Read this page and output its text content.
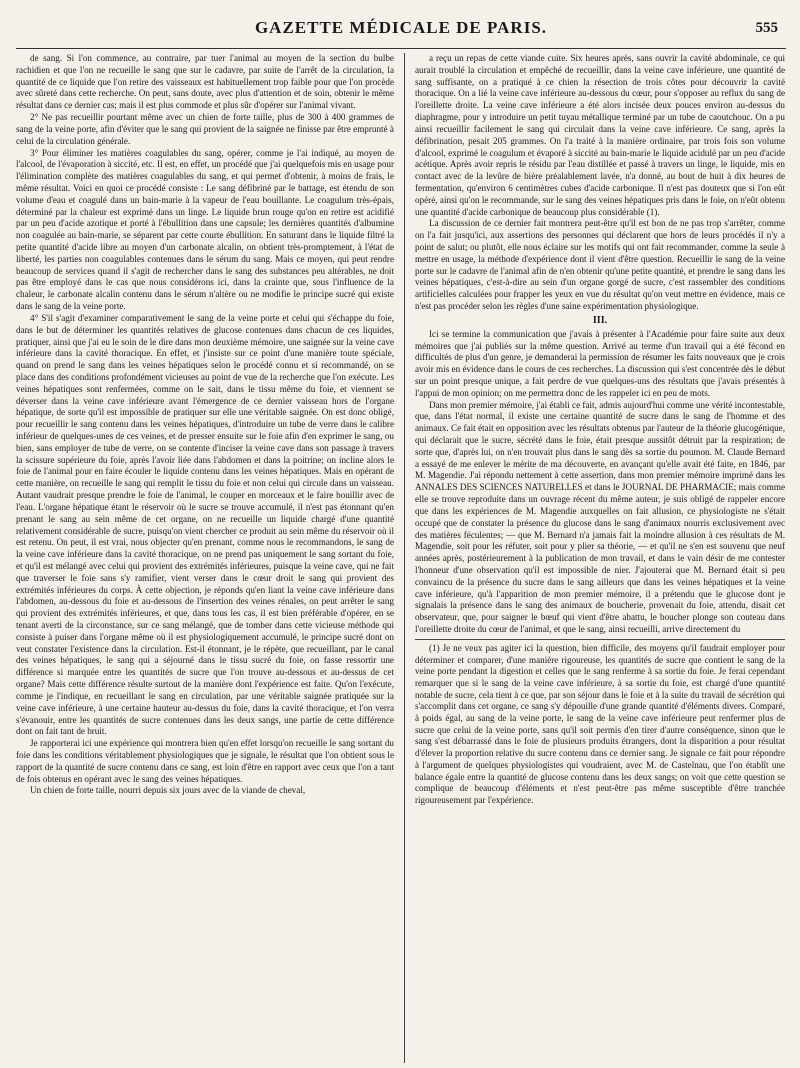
GAZETTE MÉDICALE DE PARIS.	555

de sang. Si l'on commence, au contraire, par tuer l'animal au moyen de la section du bulbe rachidien et que l'on ne recueille le sang que sur le cadavre, par suite de l'arrêt de la circulation, la quantité de ce liquide que l'on retire des vaisseaux est habituellement trop faible pour que l'on procède avec sûreté dans cette recherche. On peut, sans doute, avec plus d'attention et de soin, obtenir le même résultat dans ce dernier cas; mais il est plus commode et plus sûr d'opérer sur l'animal vivant.

2° Ne pas recueillir pourtant même avec un chien de forte taille, plus de 300 à 400 grammes de sang de la veine porte, afin d'éviter que le sang qui provient de la saignée ne finisse par être emprunté à celui de la circulation générale.

3° Pour éliminer les matières coagulables du sang, opérer, comme je l'ai indiqué, au moyen de l'alcool, de l'évaporation à siccité, etc. Il est, en effet, un procédé que j'ai quelquefois mis en usage pour l'élimination complète des matières coagulables du sang, et qui permet d'obtenir, à moins de frais, le même résultat. Voici en quoi ce procédé consiste : Le sang défibriné par le battage, est étendu de son volume d'eau et coagulé dans un bain-marie à la vapeur de l'eau bouillante. Le coagulum très-épais, déterminé par la chaleur est exprimé dans un linge. Le liquide brun rouge qu'on en retire est acidifié par un peu d'acide azotique et porté à l'ébullition dans une capsule; les dernières quantités d'albumine non coagulée au bain-marie, se séparent par cette courte ébullition. En saturant dans le liquide filtré la petite quantité d'acide libre au moyen d'un carbonate alcalin, on obtient très-promptement, à l'état de liberté, les parties non coagulables contenues dans le sérum du sang. Mais ce moyen, qui peut rendre beaucoup de services quand il s'agit de rechercher dans le sang des substances peu altérables, ne doit pas être employé dans le cas que nous considérons ici, dans la crainte que, sous l'influence de la chaleur, le carbonate alcalin contenu dans le sérum n'altère ou ne modifie le principe sucré qui existe dans le sang de la veine porte.

4° S'il s'agit d'examiner comparativement le sang de la veine porte et celui qui s'échappe du foie, dans le but de déterminer les quantités relatives de glucose contenues dans chacun de ces liquides, pratiquer, ainsi que j'ai eu le soin de le dire dans mon deuxième mémoire, une saignée sur la veine cave inférieure dans la cavité thoracique. En effet, et j'insiste sur ce point d'une manière toute spéciale, quand on prend le sang dans les veines hépatiques selon le procédé connu et si recommandé, on se place dans des conditions profondément vicieuses au point de vue de la recherche que l'on exécute. Les veines hépatiques sont renfermées, comme on le sait, dans le tissu même du foie, et viennent se déverser dans la veine cave inférieure avant l'émergence de ce dernier vaisseau hors de l'organe hépatique, de sorte qu'il est impossible de pratiquer sur elle une véritable saignée. On est donc obligé, pour recueillir le sang contenu dans les veines hépatiques, d'introduire un tube de verre dans le calibre inférieur de quelques-unes de ces veines, et de presser ensuite sur le foie afin d'en exprimer le sang, ou bien, sans employer de tube de verre, on se contente d'inciser la veine cave dans son passage à travers la scissure supérieure du foie, après l'avoir liée dans l'abdomen et dans la poitrine; on incline alors le foie de l'animal pour en faire écouler le liquide contenu dans les veines hépatiques. Mais en opérant de cette manière, on recueille le sang qui remplit le tissu du foie et non celui qui circule dans un vaisseau. Autant vaudrait presque prendre le foie de l'animal, le couper en morceaux et le faire bouillir avec de l'eau. L'organe hépatique étant le réservoir où le sucre se trouve accumulé, il n'est pas étonnant qu'en prenant le sang au sein même de cet organe, on ne recueille un liquide chargé d'une quantité relativement considérable de sucre, puisqu'on vient chercher ce produit au sein même du réservoir où il est retenu. On peut, il est vrai, nous objecter qu'en prenant, comme nous le recommandons, le sang de la veine cave inférieure dans la cavité thoracique, on ne prend pas uniquement le sang sortant du foie, et qu'il est mélangé avec celui qui provient des extrémités inférieures, puisque la veine cave, qui ne fait que traverser le foie sans s'y ramifier, vient verser dans le cœur droit le sang qui provient des extrémités inférieures du corps. À cette objection, je réponds qu'en liant la veine cave inférieure dans l'abdomen, au-dessous du foie et au-dessous de l'insertion des veines rénales, on peut arrêter le sang qui provient des extrémités inférieures, et que, dans tous les cas, il est bien préférable d'opérer, en se tenant averti de la circonstance, sur ce sang mélangé, que de tomber dans cette vicieuse méthode qui consiste à puiser dans l'organe même où il est physiologiquement accumulé, le principe sucré dont on veut constater l'existence dans la circulation. Est-il étonnant, je le répète, que recueillant, par le canal des veines hépatiques, le sang qui a séjourné dans le tissu sucré du foie, on fasse ressortir une différence si marquée entre les quantités de sucre que l'on trouve au-dessous et au-dessus de cet organe? Mais cette différence résulte surtout de la manière dont l'expérience est faite. Qu'on l'exécute, comme je l'indique, en recueillant le sang en circulation, par une véritable saignée pratiquée sur la veine cave inférieure, à une certaine hauteur au-dessus du foie, dans la cavité thoracique, et l'on verra s'évanouir, entre les quantités de sucre contenues dans les deux sangs, une partie de cette différence dont on fait tant de bruit.

Je rapporterai ici une expérience qui montrera bien qu'en effet lorsqu'on recueille le sang sortant du foie dans les conditions véritablement physiologiques que je signale, le résultat que l'on obtient sous le rapport de la quantité de sucre contenu dans ce sang, est loin d'être en rapport avec ceux que l'on a tant de fois obtenus en opérant avec le sang des veines hépatiques.

Un chien de forte taille, nourri depuis six jours avec de la viande de cheval,

a reçu un repas de cette viande cuite. Six heures après, sans ouvrir la cavité abdominale, ce qui aurait troublé la circulation et empêché de recueillir, dans la veine cave inférieure, une quantité de sang suffisante, on a pratiqué à ce chien la résection de trois côtes pour découvrir la cavité thoracique. On a lié la veine cave inférieure au-dessous du cœur, pour s'opposer au reflux du sang de l'oreillette droite. La veine cave inférieure a été alors incisée deux pouces environ au-dessus du diaphragme, pour y introduire un petit tuyau métallique terminé par un tube de caoutchouc. On a pu ainsi recueillir facilement le sang qui circulait dans la veine cave inférieure. Ce sang, après la défibrination, pesait 205 grammes. On l'a traité à la manière ordinaire, par trois fois son volume d'alcool, exprimé le coagulum et évaporé à siccité au bain-marie le liquide acidulé par un peu d'acide acétique. Après avoir repris le résidu par l'eau distillée et passé à travers un linge, le liquide, mis en contact avec de la levûre de bière préalablement lavée, n'a donné, au bout de huit à dix heures de fermentation, qu'environ 6 centimètres cubes d'acide carbonique. Il n'est pas douteux que si l'on eût opéré, ainsi qu'on le recommande, sur le sang des veines hépatiques pris dans le foie, on n'eût obtenu une quantité d'acide carbonique de beaucoup plus considérable (1).

La discussion de ce dernier fait montrera peut-être qu'il est bon de ne pas trop s'arrêter, comme on l'a fait jusqu'ici, aux assertions des personnes qui déclarent que hors de leurs procédés il n'y a point de salut; ou plutôt, elle nous éclaire sur les motifs qui ont fait recommander, comme la seule à mettre en usage, la méthode d'expérience dont il vient d'être question. Recueillir le sang de la veine porte sur le cadavre de l'animal afin de n'en obtenir qu'une petite quantité, et prendre le sang dans les veines hépatiques, c'est-à-dire au sein d'un organe gorgé de sucre, c'est rassembler des conditions artificielles calculées pour frapper les yeux en vue du résultat qu'on veut mettre en évidence, mais ce n'est pas procéder selon les règles d'une saine expérimentation physiologique.

III.

Ici se termine la communication que j'avais à présenter à l'Académie pour faire suite aux deux mémoires que j'ai publiés sur la même question. Arrivé au terme d'un travail qui a été fécond en difficultés de plus d'un genre, je demanderai la permission de résumer les faits nouveaux que je crois avoir mis en évidence dans le cours de ces recherches. La discussion qui s'est concentrée dès le début sur un point presque unique, a fait perdre de vue quelques-uns des résultats que j'avais présentés à l'appui de mon opinion; on me permettra donc de les rappeler ici en peu de mots.

Dans mon premier mémoire, j'ai établi ce fait, admis aujourd'hui comme une vérité incontestable, que, dans l'état normal, il existe une certaine quantité de sucre dans le sang de l'homme et des animaux. Ce fait était en opposition avec les résultats obtenus par l'auteur de la théorie glucogénique, qui déclarait que le sucre, sécrété dans le foie, était presque aussitôt détruit par la respiration; de sorte que, d'après lui, on n'en trouvait plus dans le sang dès sa sortie du poumon. M. Claude Bernard a essayé de me enlever le mérite de ma découverte, en avançant qu'elle avait été faite, en 1846, par M. Magendie. J'ai répondu nettement à cette assertion, dans mon premier mémoire imprimé dans les ANNALES DES SCIENCES NATURELLES et dans le JOURNAL DE PHARMACIE; mais comme elle se trouve reproduite dans un ouvrage récent du même auteur, je suis obligé de rappeler encore que dans les expériences de M. Magendie auxquelles on fait allusion, ce physiologiste ne s'était occupé que de constater la présence du glucose dans le sang d'animaux nourris exclusivement avec des matières féculentes; — que M. Bernard n'a jamais fait la moindre allusion à ces résultats de M. Magendie, soit pour les réfuter, soit pour y plier sa théorie, — et qu'il ne s'en est souvenu que neuf années après, postérieurement à la publication de mon travail, et dans le vain désir de me contester l'honneur d'une observation qu'il est impossible de nier. J'ajouterai que M. Bernard était si peu convaincu de la présence du sucre dans le sang ailleurs que dans les veines hépatiques et la veine cave inférieure, qu'à l'apparition de mon premier mémoire, il a prétendu que le glucose dont je signalais la présence dans le sang des animaux de boucherie, provenait du foie, attendu, disait cet observateur, que, pour saigner le bœuf qui vient d'être abattu, le boucher plonge son couteau dans l'oreillette droite du cœur de l'animal, et que le sang, ainsi recueilli, arrive directement du

(1) Je ne veux pas agiter ici la question, bien difficile, des moyens qu'il faudrait employer pour déterminer et comparer, d'une manière rigoureuse, les quantités de sucre que contient le sang de la veine porte pendant la digestion et celles que le sang renferme à sa sortie du foie. Je ferai cependant remarquer que si le sang de la veine cave inférieure, à sa sortie du foie, est chargé d'une quantité notable de sucre, cela tient à ce que, par son séjour dans le foie et à la suite du travail de sécrétion qui s'accomplit dans cet organe, ce sang s'y dépouille d'une grande quantité d'éléments divers. Comparé, à poids égal, au sang de la veine porte, le sang de la veine cave inférieure peut renfermer plus de sucre que celui de la veine porte, sans qu'il soit permis d'en tirer d'autre conséquence, sinon que le sang s'est débarrassé dans le foie de plusieurs produits étrangers, dont la disparition a pour résultat d'élever la proportion relative du sucre contenu dans ce dernier sang. Je signale ce fait pour répondre à l'argument de quelques physiologistes qui voudraient, avec M. de Castelnau, que l'on établît une balance égale entre la quantité de glucose contenu dans les deux sangs; on voit que cette question se complique de beaucoup d'éléments et n'est peut-être pas même susceptible d'être tranchée rigoureusement par l'expérience.
